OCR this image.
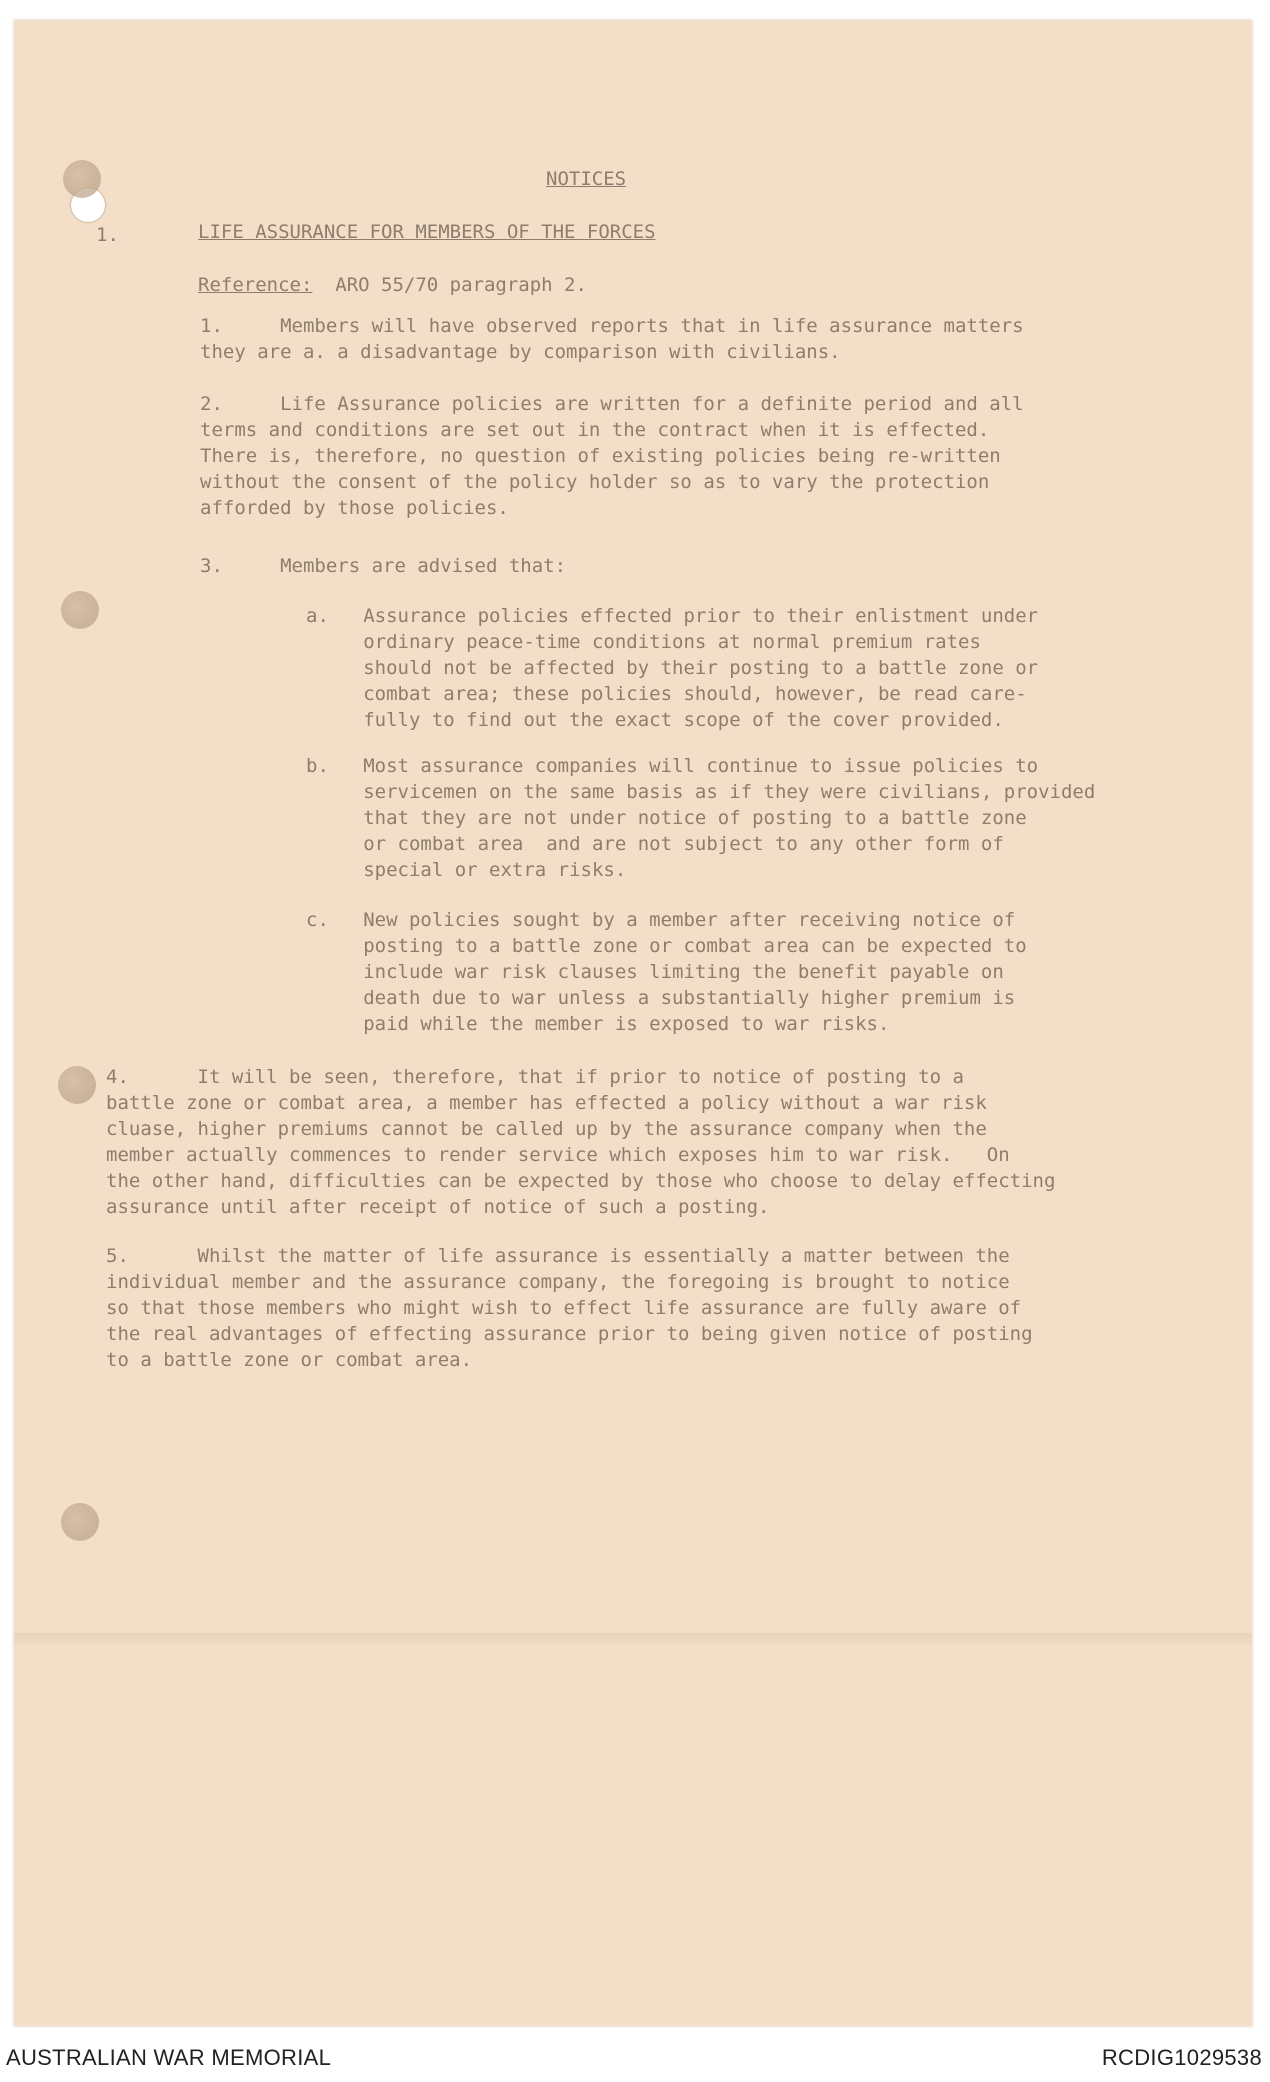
NOTICES
1.	LIFE ASSURANCE FOR MEMBERS OF THE FORCES
Reference: ARO 55/70 paragraph 2.
1.     Members will have observed reports that in life assurance matters
they are a. a disadvantage by comparison with civilians.
2.     Life Assurance policies are written for a definite period and all
terms and conditions are set out in the contract when it is effected.
There is, therefore, no question of existing policies being re-written
without the consent of the policy holder so as to vary the protection
afforded by those policies.
3.     Members are advised that:
a.   Assurance policies effected prior to their enlistment under
ordinary peace-time conditions at normal premium rates
should not be affected by their posting to a battle zone or
combat area; these policies should, however, be read care-
fully to find out the exact scope of the cover provided.
b.   Most assurance companies will continue to issue policies to
servicemen on the same basis as if they were civilians, provided
that they are not under notice of posting to a battle zone
or combat area  and are not subject to any other form of
special or extra risks.
c.   New policies sought by a member after receiving notice of
posting to a battle zone or combat area can be expected to
include war risk clauses limiting the benefit payable on
death due to war unless a substantially higher premium is
paid while the member is exposed to war risks.
4.      It will be seen, therefore, that if prior to notice of posting to a
battle zone or combat area, a member has effected a policy without a war risk
cluase, higher premiums cannot be called up by the assurance company when the
member actually commences to render service which exposes him to war risk.   On
the other hand, difficulties can be expected by those who choose to delay effecting
assurance until after receipt of notice of such a posting.
5.      Whilst the matter of life assurance is essentially a matter between the
individual member and the assurance company, the foregoing is brought to notice
so that those members who might wish to effect life assurance are fully aware of
the real advantages of effecting assurance prior to being given notice of posting
to a battle zone or combat area.
AUSTRALIAN WAR MEMORIAL	RCDIG1029538
